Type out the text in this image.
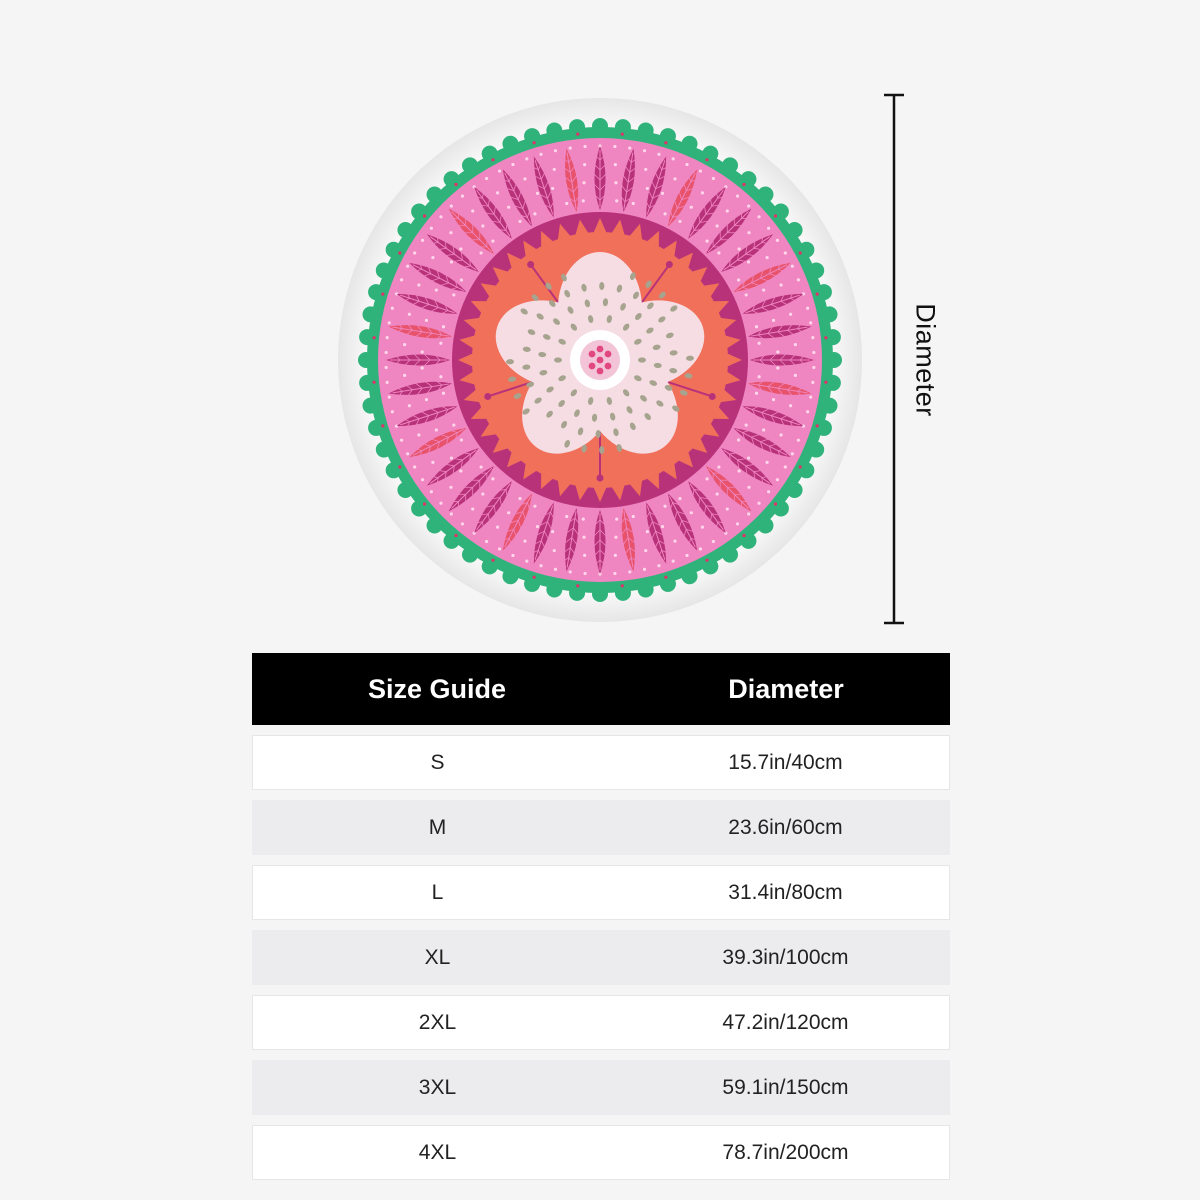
Diameter
Size Guide	Diameter
S	15.7in/40cm
M	23.6in/60cm
L	31.4in/80cm
XL	39.3in/100cm
2XL	47.2in/120cm
3XL	59.1in/150cm
4XL	78.7in/200cm
